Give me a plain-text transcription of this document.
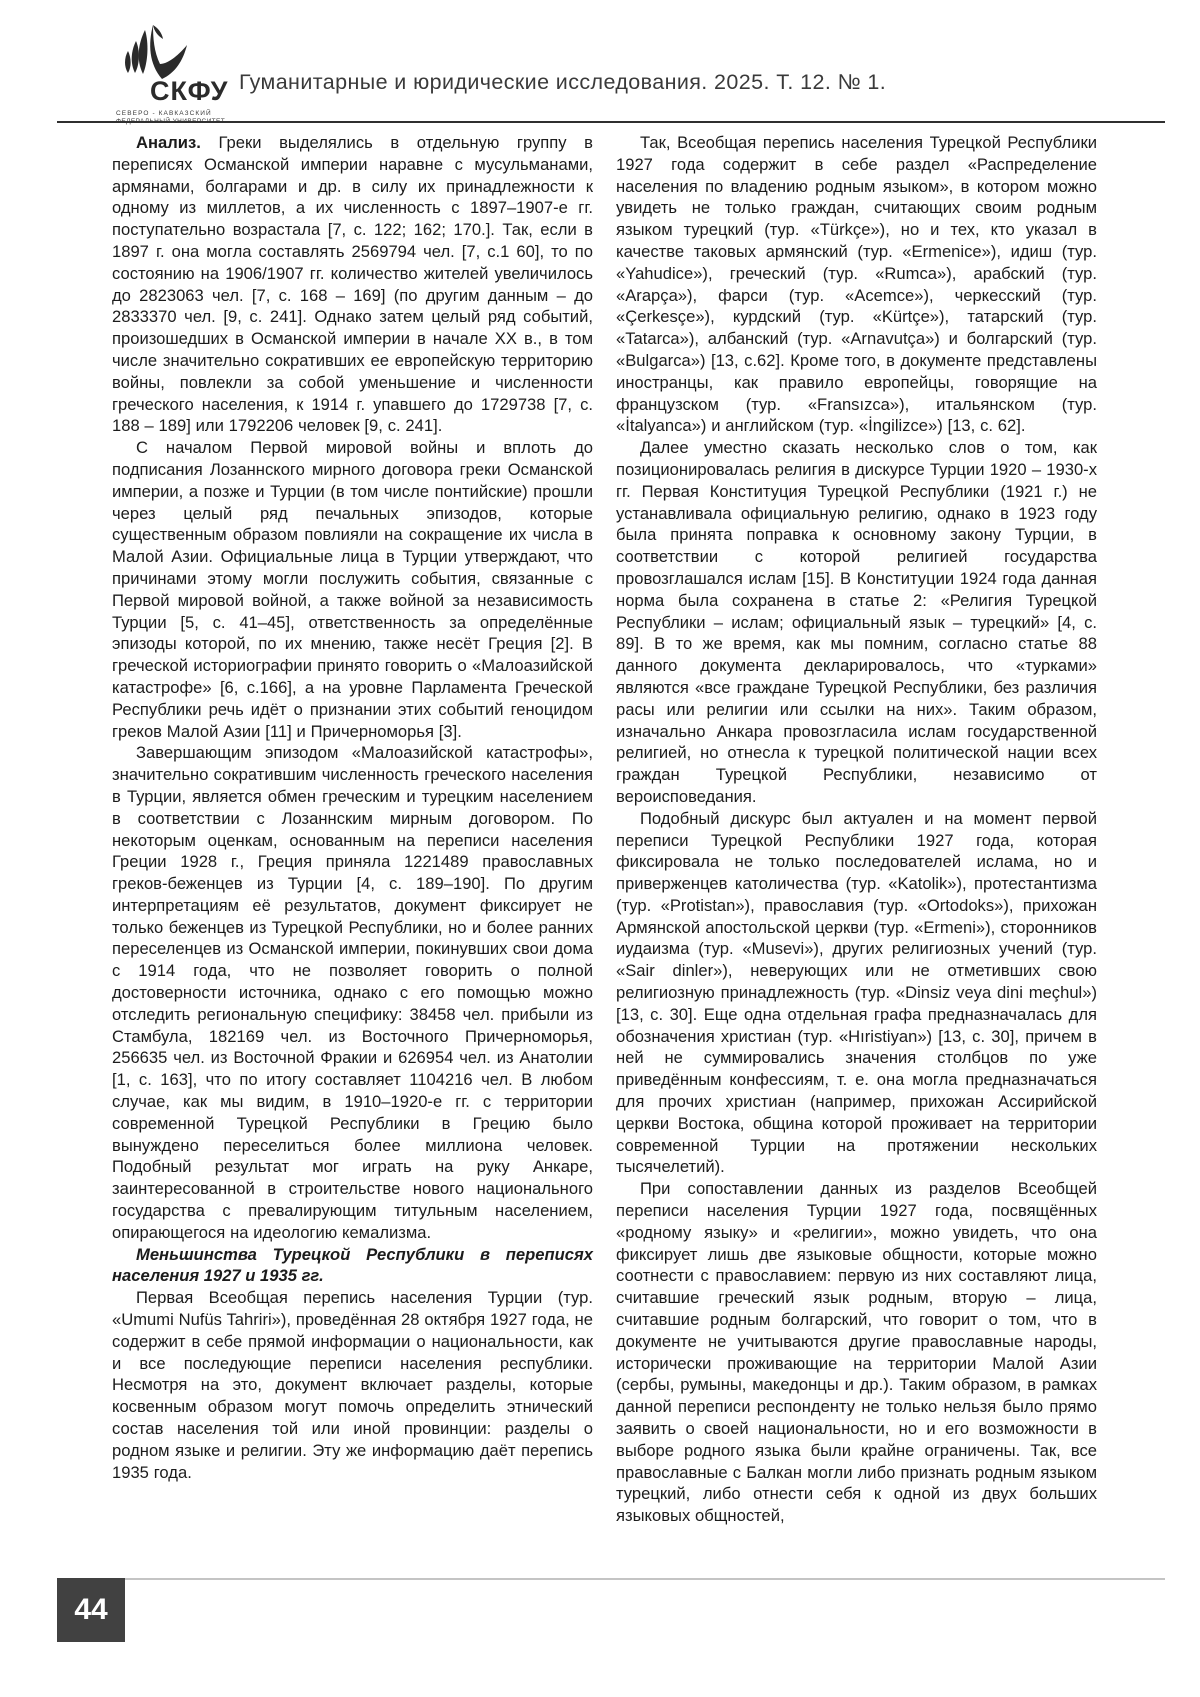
СКФУ
СЕВЕРО - КАВКАЗСКИЙ
Гуманитарные и юридические исследования. 2025. Т. 12. № 1.

Анализ. Греки выделялись в отдельную группу в переписях Османской империи наравне с мусульманами, армянами, болгарами и др. в силу их принадлежности к одному из миллетов, а их численность с 1897–1907-е гг. поступательно возрастала [7, с. 122; 162; 170.]. Так, если в 1897 г. она могла составлять 2569794 чел. [7, с.1 60], то по состоянию на 1906/1907 гг. количество жителей увеличилось до 2823063 чел. [7, с. 168 – 169] (по другим данным – до 2833370 чел. [9, с. 241]. Однако затем целый ряд событий, произошедших в Османской империи в начале XX в., в том числе значительно сокративших ее европейскую территорию войны, повлекли за собой уменьшение и численности греческого населения, к 1914 г. упавшего до 1729738 [7, с. 188 – 189] или 1792206 человек [9, с. 241].

С началом Первой мировой войны и вплоть до подписания Лозаннского мирного договора греки Османской империи, а позже и Турции (в том числе понтийские) прошли через целый ряд печальных эпизодов, которые существенным образом повлияли на сокращение их числа в Малой Азии. Официальные лица в Турции утверждают, что причинами этому могли послужить события, связанные с Первой мировой войной, а также войной за независимость Турции [5, с. 41–45], ответственность за определённые эпизоды которой, по их мнению, также несёт Греция [2]. В греческой историографии принято говорить о «Малоазийской катастрофе» [6, с.166], а на уровне Парламента Греческой Республики речь идёт о признании этих событий геноцидом греков Малой Азии [11] и Причерноморья [3].

Завершающим эпизодом «Малоазийской катастрофы», значительно сократившим численность греческого населения в Турции, является обмен греческим и турецким населением в соответствии с Лозаннским мирным договором. По некоторым оценкам, основанным на переписи населения Греции 1928 г., Греция приняла 1221489 православных греков-беженцев из Турции [4, с. 189–190]. По другим интерпретациям её результатов, документ фиксирует не только беженцев из Турецкой Республики, но и более ранних переселенцев из Османской империи, покинувших свои дома с 1914 года, что не позволяет говорить о полной достоверности источника, однако с его помощью можно отследить региональную специфику: 38458 чел. прибыли из Стамбула, 182169 чел. из Восточного Причерноморья, 256635 чел. из Восточной Фракии и 626954 чел. из Анатолии [1, с. 163], что по итогу составляет 1104216 чел. В любом случае, как мы видим, в 1910–1920-е гг. с территории современной Турецкой Республики в Грецию было вынуждено переселиться более миллиона человек. Подобный результат мог играть на руку Анкаре, заинтересованной в строительстве нового национального государства с превалирующим титульным населением, опирающегося на идеологию кемализма.

Меньшинства Турецкой Республики в переписях населения 1927 и 1935 гг.

Первая Всеобщая перепись населения Турции (тур. «Umumi Nufüs Tahriri»), проведённая 28 октября 1927 года, не содержит в себе прямой информации о национальности, как и все последующие переписи населения республики. Несмотря на это, документ включает разделы, которые косвенным образом могут помочь определить этнический состав населения той или иной провинции: разделы о родном языке и религии. Эту же информацию даёт перепись 1935 года.

Так, Всеобщая перепись населения Турецкой Республики 1927 года содержит в себе раздел «Распределение населения по владению родным языком», в котором можно увидеть не только граждан, считающих своим родным языком турецкий (тур. «Türkçe»), но и тех, кто указал в качестве таковых армянский (тур. «Ermenice»), идиш (тур. «Yahudice»), греческий (тур. «Rumca»), арабский (тур. «Arapça»), фарси (тур. «Acemce»), черкесский (тур. «Çerkesçe»), курдский (тур. «Kürtçe»), татарский (тур. «Tatarca»), албанский (тур. «Arnavutça») и болгарский (тур. «Bulgarca») [13, с.62]. Кроме того, в документе представлены иностранцы, как правило европейцы, говорящие на французском (тур. «Fransızca»), итальянском (тур. «İtalyanca») и английском (тур. «İngilizce») [13, с. 62].

Далее уместно сказать несколько слов о том, как позиционировалась религия в дискурсе Турции 1920 – 1930-х гг. Первая Конституция Турецкой Республики (1921 г.) не устанавливала официальную религию, однако в 1923 году была принята поправка к основному закону Турции, в соответствии с которой религией государства провозглашался ислам [15]. В Конституции 1924 года данная норма была сохранена в статье 2: «Религия Турецкой Республики – ислам; официальный язык – турецкий» [4, с. 89]. В то же время, как мы помним, согласно статье 88 данного документа декларировалось, что «турками» являются «все граждане Турецкой Республики, без различия расы или религии или ссылки на них». Таким образом, изначально Анкара провозгласила ислам государственной религией, но отнесла к турецкой политической нации всех граждан Турецкой Республики, независимо от вероисповедания.

Подобный дискурс был актуален и на момент первой переписи Турецкой Республики 1927 года, которая фиксировала не только последователей ислама, но и приверженцев католичества (тур. «Katolik»), протестантизма (тур. «Protistan»), православия (тур. «Ortodoks»), прихожан Армянской апостольской церкви (тур. «Ermeni»), сторонников иудаизма (тур. «Musevi»), других религиозных учений (тур. «Sair dinler»), неверующих или не отметивших свою религиозную принадлежность (тур. «Dinsiz veya dini meçhul») [13, с. 30]. Еще одна отдельная графа предназначалась для обозначения христиан (тур. «Hıristiyan») [13, с. 30], причем в ней не суммировались значения столбцов по уже приведённым конфессиям, т. е. она могла предназначаться для прочих христиан (например, прихожан Ассирийской церкви Востока, община которой проживает на территории современной Турции на протяжении нескольких тысячелетий).

При сопоставлении данных из разделов Всеобщей переписи населения Турции 1927 года, посвящённых «родному языку» и «религии», можно увидеть, что она фиксирует лишь две языковые общности, которые можно соотнести с православием: первую из них составляют лица, считавшие греческий язык родным, вторую – лица, считавшие родным болгарский, что говорит о том, что в документе не учитываются другие православные народы, исторически проживающие на территории Малой Азии (сербы, румыны, македонцы и др.). Таким образом, в рамках данной переписи респонденту не только нельзя было прямо заявить о своей национальности, но и его возможности в выборе родного языка были крайне ограничены. Так, все православные с Балкан могли либо признать родным языком турецкий, либо отнести себя к одной из двух больших языковых общностей,

44
